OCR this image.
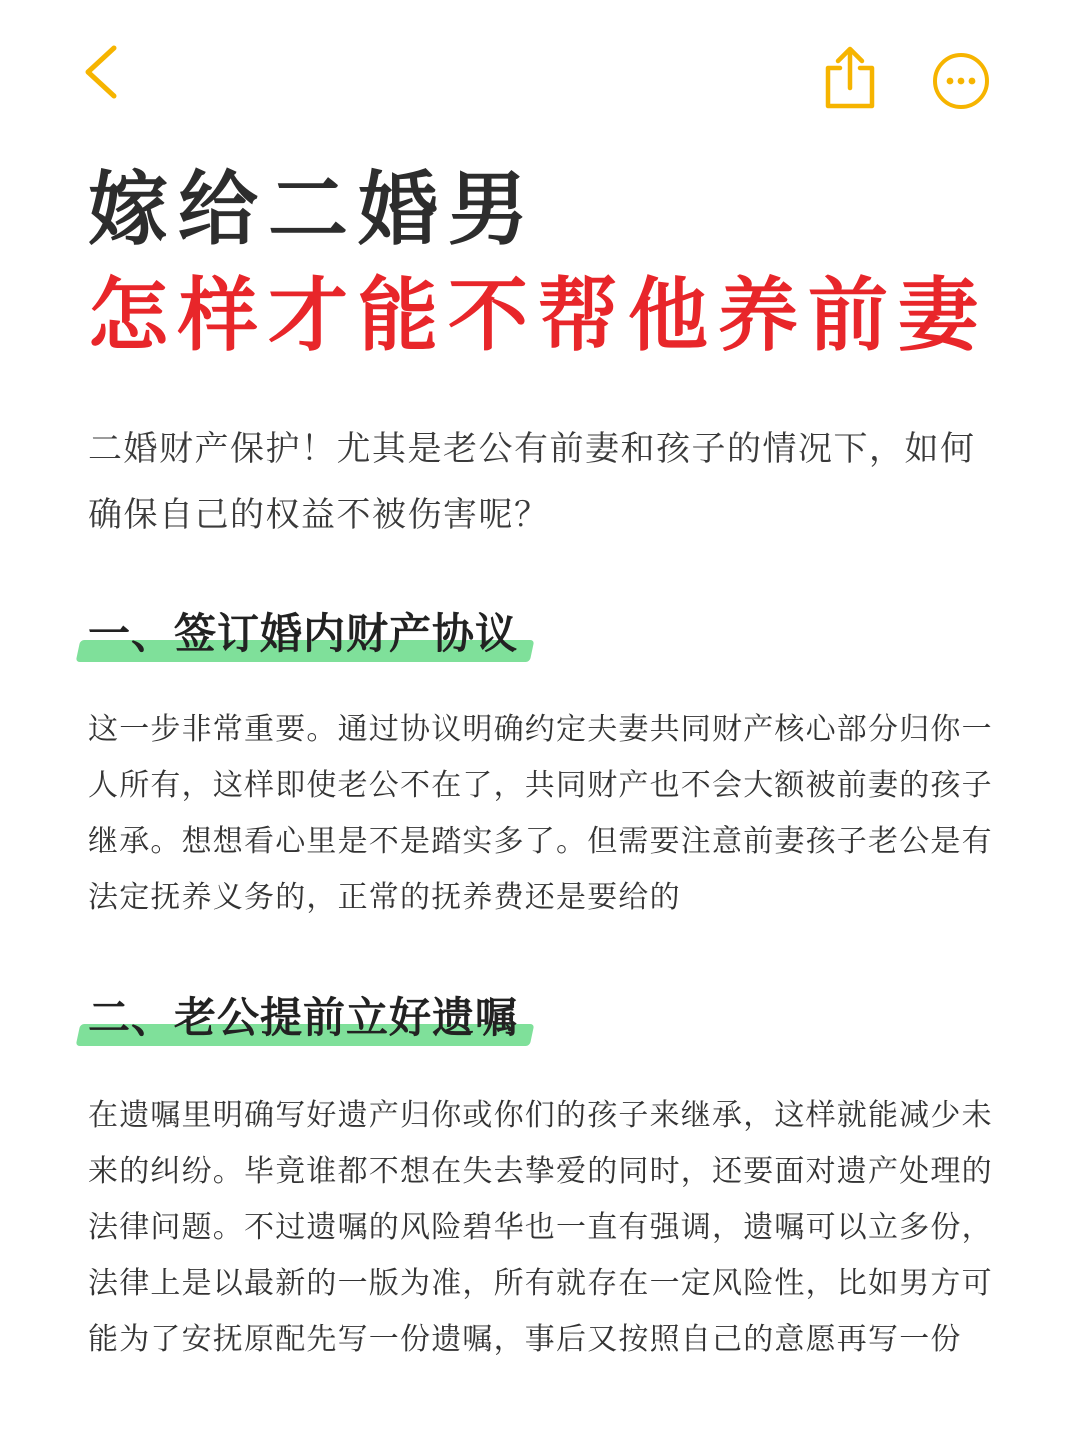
嫁给二婚男
怎样才能不帮他养前妻

二婚财产保护！尤其是老公有前妻和孩子的情况下，如何确保自己的权益不被伤害呢？

一、签订婚内财产协议

这一步非常重要。通过协议明确约定夫妻共同财产核心部分归你一人所有，这样即使老公不在了，共同财产也不会大额被前妻的孩子继承。想想看心里是不是踏实多了。但需要注意前妻孩子老公是有法定抚养义务的，正常的抚养费还是要给的

二、老公提前立好遗嘱

在遗嘱里明确写好遗产归你或你们的孩子来继承，这样就能减少未来的纠纷。毕竟谁都不想在失去挚爱的同时，还要面对遗产处理的法律问题。不过遗嘱的风险碧华也一直有强调，遗嘱可以立多份，法律上是以最新的一版为准，所有就存在一定风险性，比如男方可能为了安抚原配先写一份遗嘱，事后又按照自己的意愿再写一份
